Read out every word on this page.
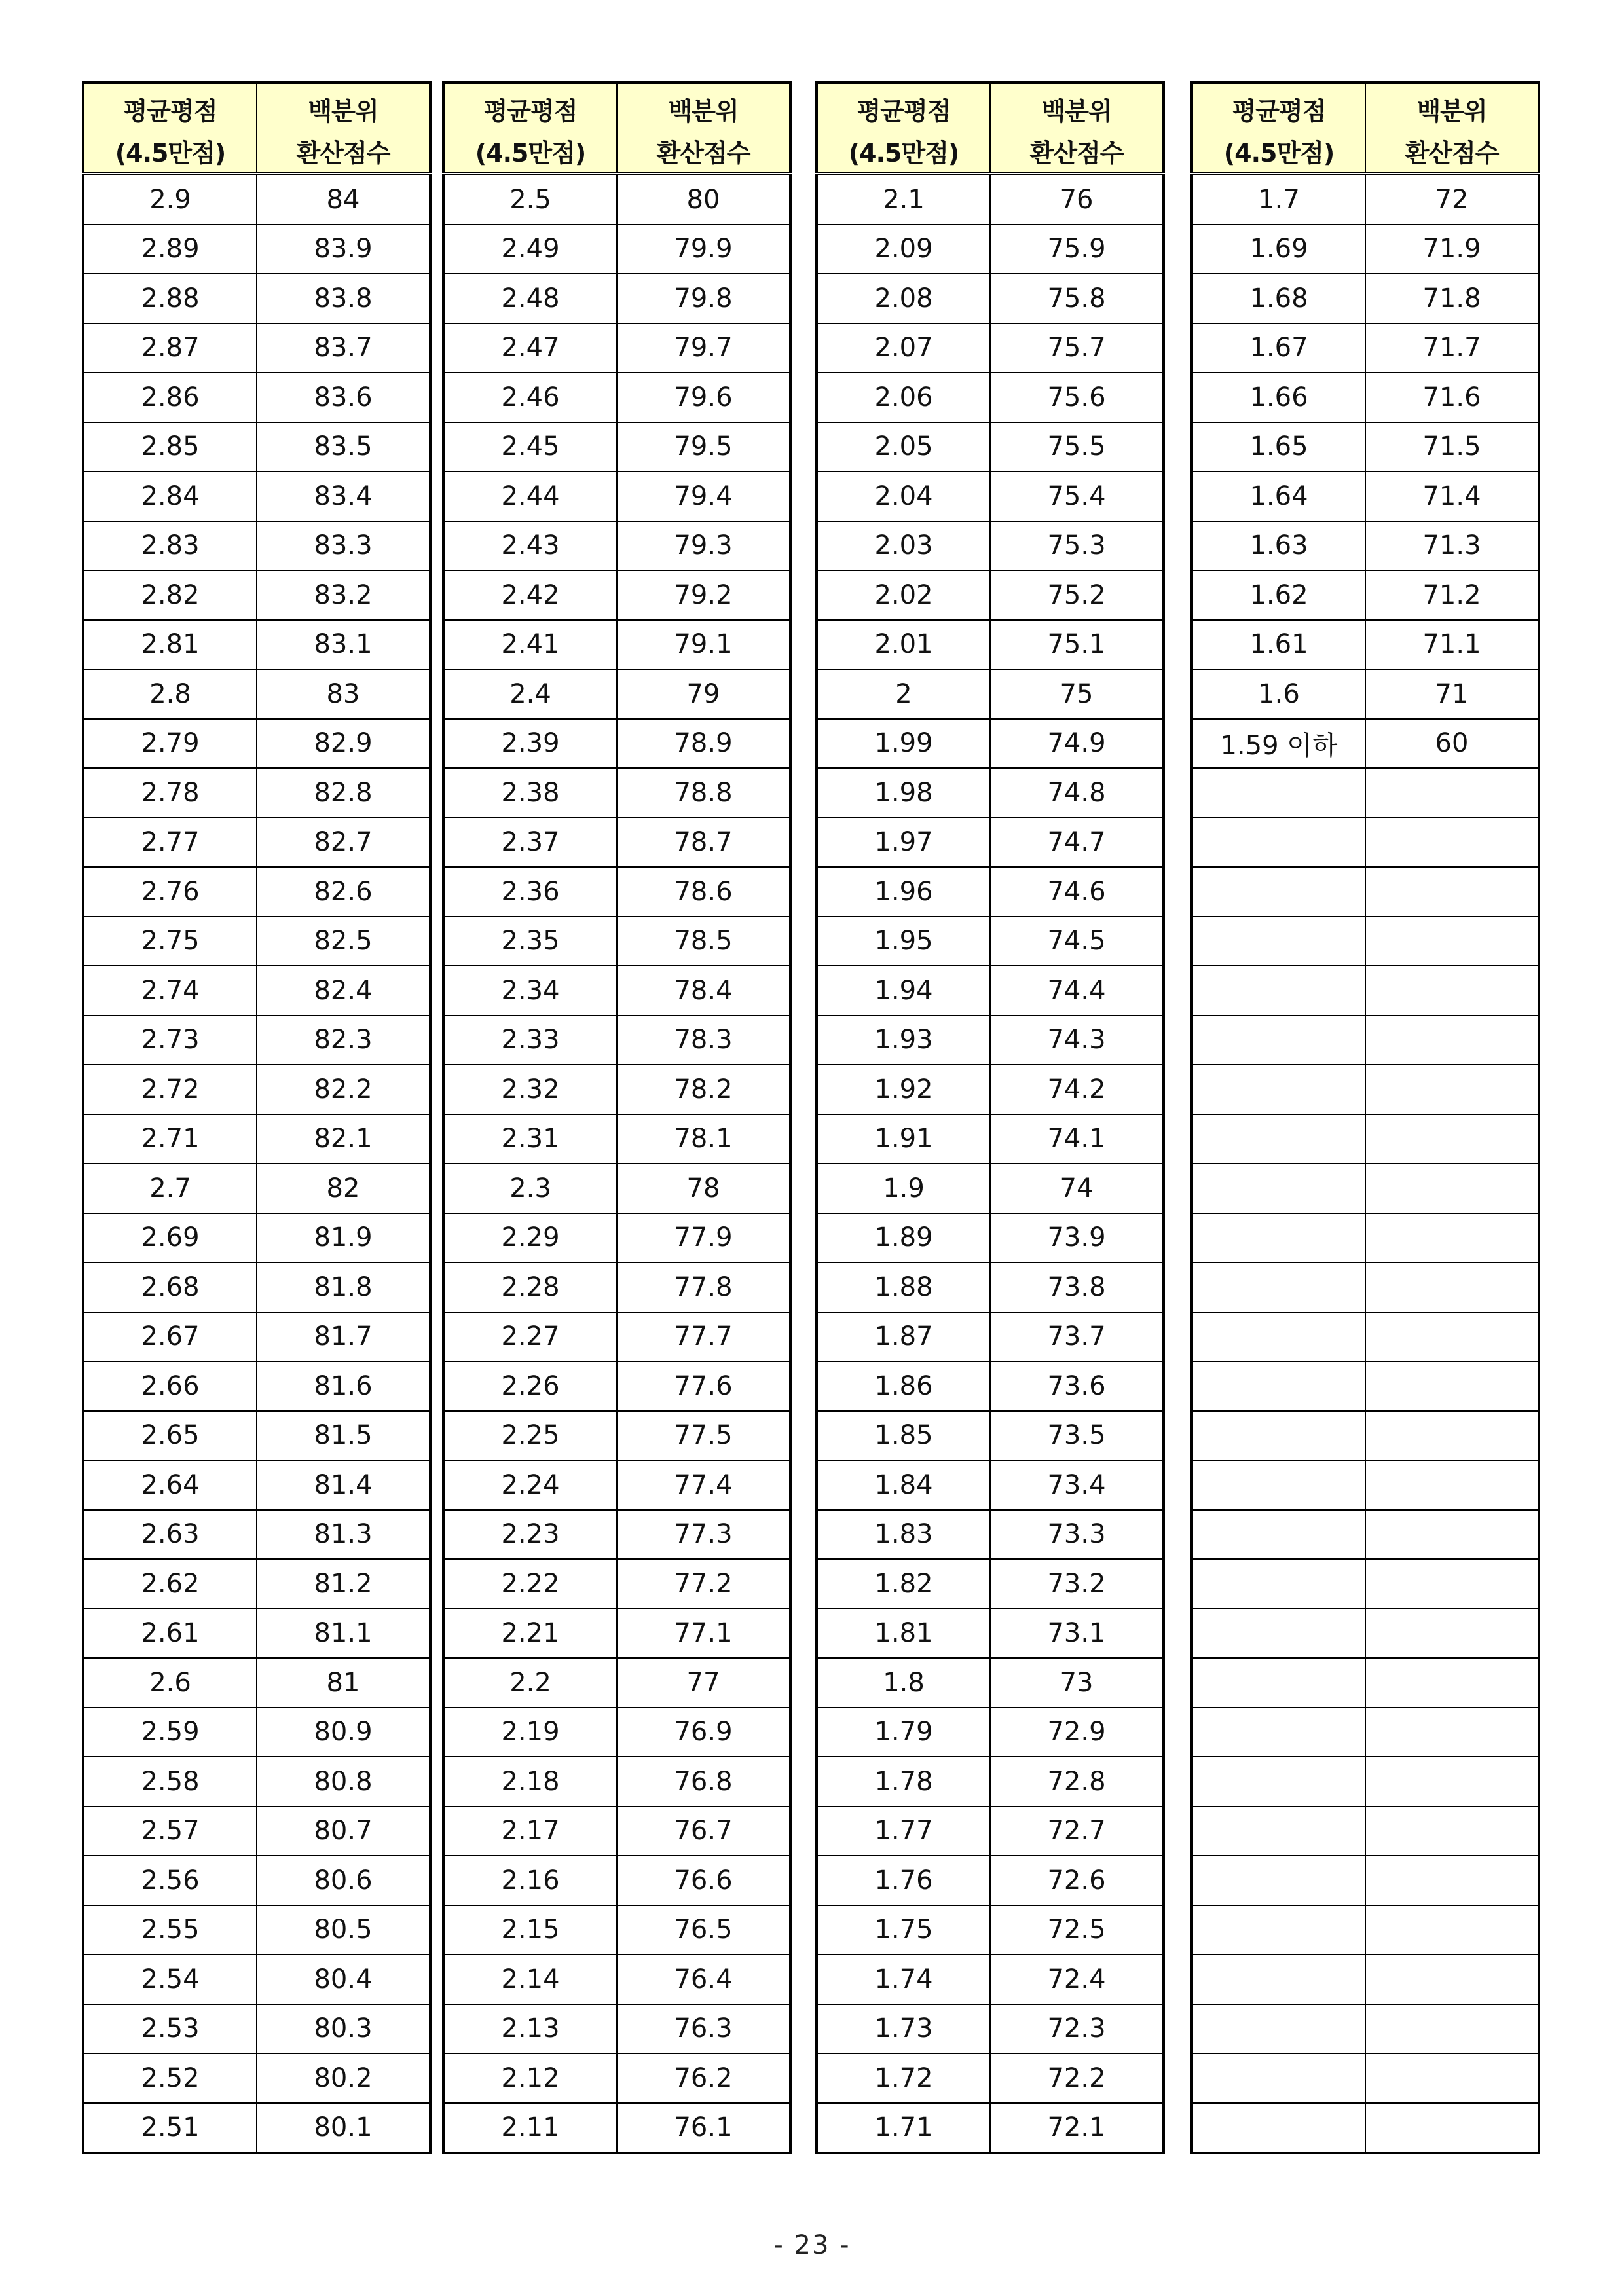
평균평점	백분위
(4.5만점)	환산점수
2.9	84
2.89	83.9
2.88	83.8
2.87	83.7
2.86	83.6
2.85	83.5
2.84	83.4
2.83	83.3
2.82	83.2
2.81	83.1
2.8	83
2.79	82.9
2.78	82.8
2.77	82.7
2.76	82.6
2.75	82.5
2.74	82.4
2.73	82.3
2.72	82.2
2.71	82.1
2.7	82
2.69	81.9
2.68	81.8
2.67	81.7
2.66	81.6
2.65	81.5
2.64	81.4
2.63	81.3
2.62	81.2
2.61	81.1
2.6	81
2.59	80.9
2.58	80.8
2.57	80.7
2.56	80.6
2.55	80.5
2.54	80.4
2.53	80.3
2.52	80.2
2.51	80.1
평균평점	백분위
(4.5만점)	환산점수
2.5	80
2.49	79.9
2.48	79.8
2.47	79.7
2.46	79.6
2.45	79.5
2.44	79.4
2.43	79.3
2.42	79.2
2.41	79.1
2.4	79
2.39	78.9
2.38	78.8
2.37	78.7
2.36	78.6
2.35	78.5
2.34	78.4
2.33	78.3
2.32	78.2
2.31	78.1
2.3	78
2.29	77.9
2.28	77.8
2.27	77.7
2.26	77.6
2.25	77.5
2.24	77.4
2.23	77.3
2.22	77.2
2.21	77.1
2.2	77
2.19	76.9
2.18	76.8
2.17	76.7
2.16	76.6
2.15	76.5
2.14	76.4
2.13	76.3
2.12	76.2
2.11	76.1
평균평점	백분위
(4.5만점)	환산점수
2.1	76
2.09	75.9
2.08	75.8
2.07	75.7
2.06	75.6
2.05	75.5
2.04	75.4
2.03	75.3
2.02	75.2
2.01	75.1
2	75
1.99	74.9
1.98	74.8
1.97	74.7
1.96	74.6
1.95	74.5
1.94	74.4
1.93	74.3
1.92	74.2
1.91	74.1
1.9	74
1.89	73.9
1.88	73.8
1.87	73.7
1.86	73.6
1.85	73.5
1.84	73.4
1.83	73.3
1.82	73.2
1.81	73.1
1.8	73
1.79	72.9
1.78	72.8
1.77	72.7
1.76	72.6
1.75	72.5
1.74	72.4
1.73	72.3
1.72	72.2
1.71	72.1
평균평점	백분위
(4.5만점)	환산점수
1.7	72
1.69	71.9
1.68	71.8
1.67	71.7
1.66	71.6
1.65	71.5
1.64	71.4
1.63	71.3
1.62	71.2
1.61	71.1
1.6	71
1.59 이하	60

- 23 -
